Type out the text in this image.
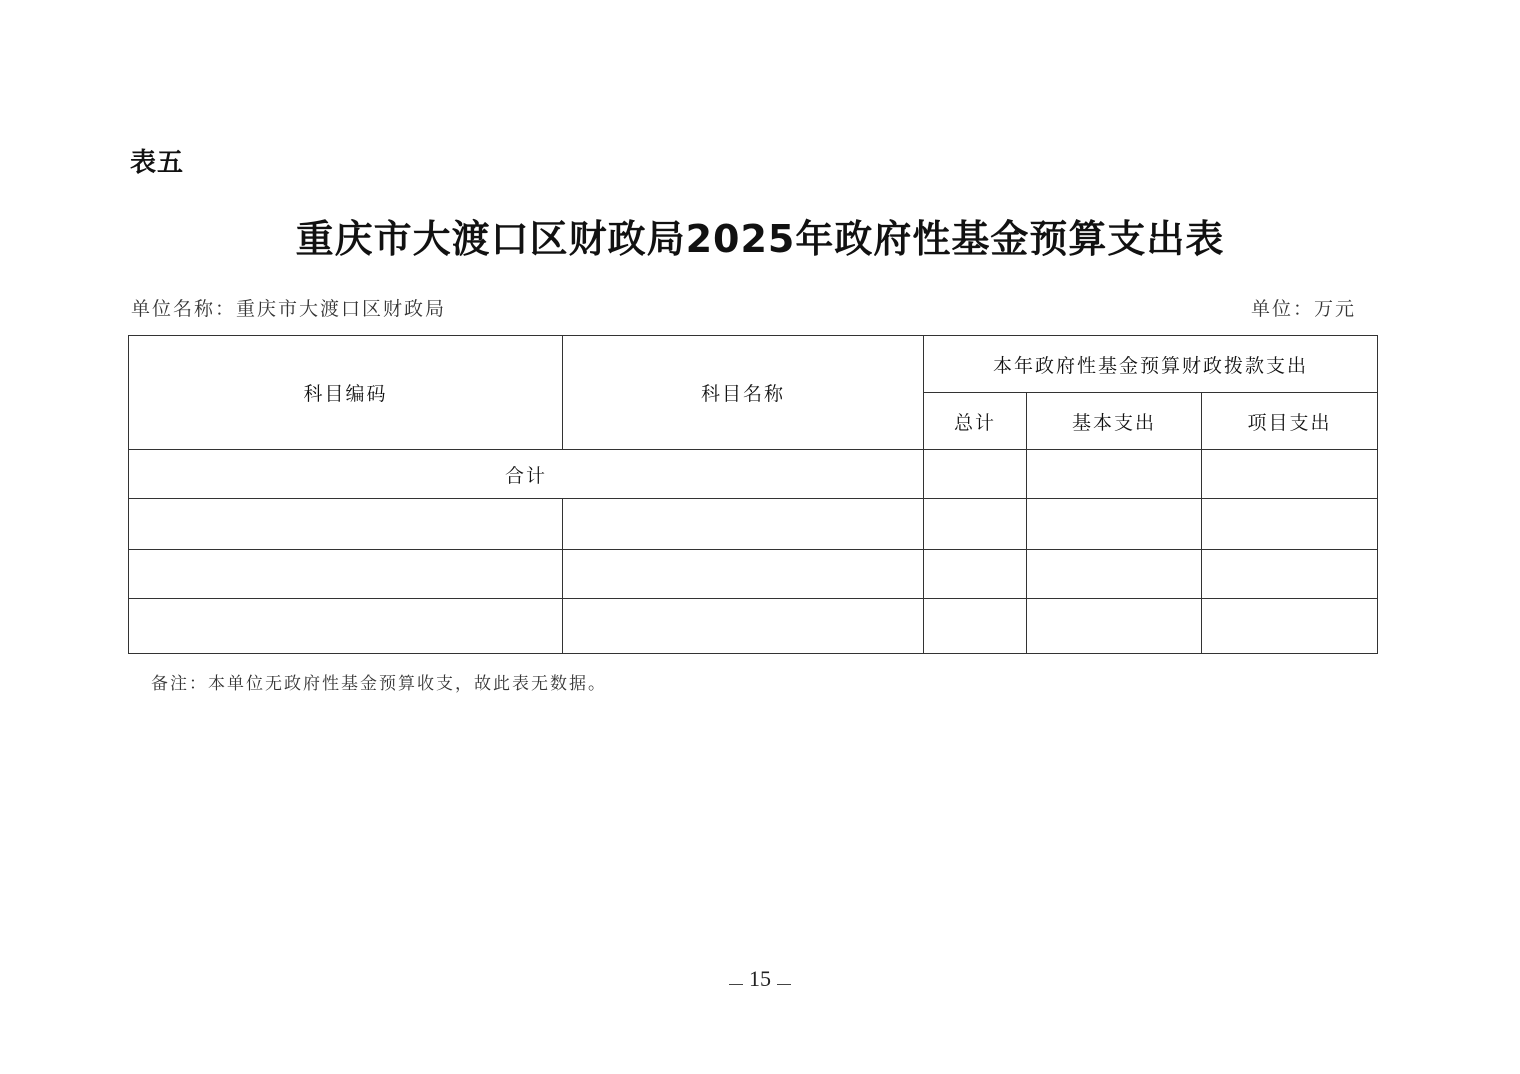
表五
重庆市大渡口区财政局2025年政府性基金预算支出表
单位名称：重庆市大渡口区财政局	单位：万元
科目编码	科目名称	本年政府性基金预算财政拨款支出		
		总计	基本支出	项目支出
合计				

备注：本单位无政府性基金预算收支，故此表无数据。
15
